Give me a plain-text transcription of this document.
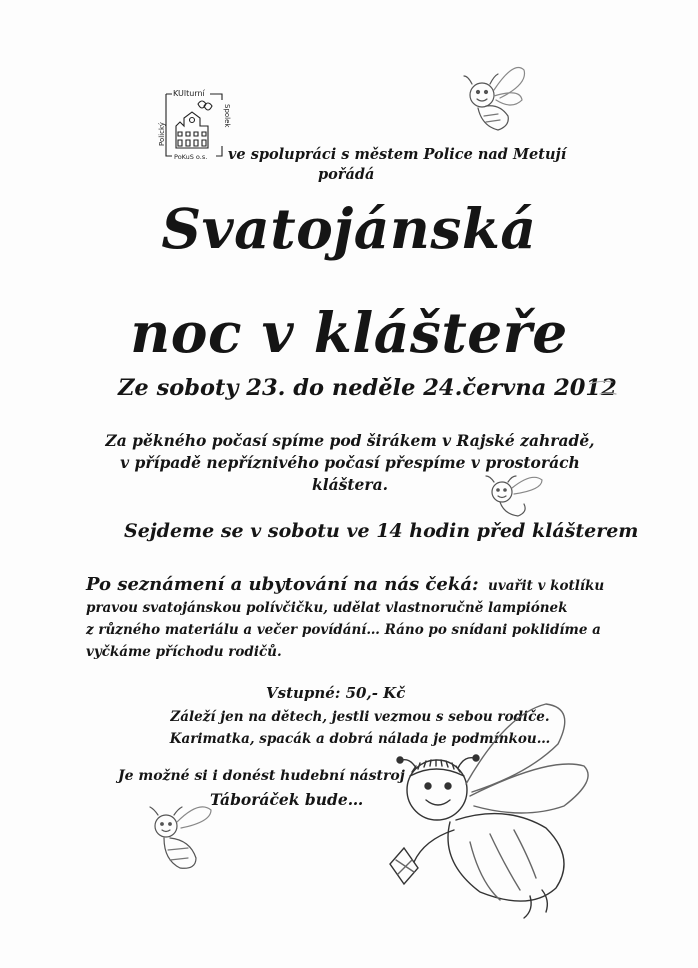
KUlturní
Polický
Spolek
PoKuS o.s. ve spolupráci s městem Police nad Metují
pořádá
Svatojánská
noc v klášteře
Ze soboty 23. do neděle 24.června 2012
Za pěkného počasí spíme pod širákem v Rajské zahradě,
v případě nepříznivého počasí přespíme v prostorách
kláštera.
Sejdeme se v sobotu ve 14 hodin před klášterem
Po seznámení a ubytování na nás čeká: uvařit v kotlíku
pravou svatojánskou polívčičku, udělat vlastnoručně lampiónek
z různého materiálu a večer povídání… Ráno po snídani poklidíme a
vyčkáme příchodu rodičů.
Vstupné: 50,- Kč
Záleží jen na dětech, jestli vezmou s sebou rodiče.
Karimatka, spacák a dobrá nálada je podmínkou…
Je možné si i donést hudební nástroj
Táboráček bude…
